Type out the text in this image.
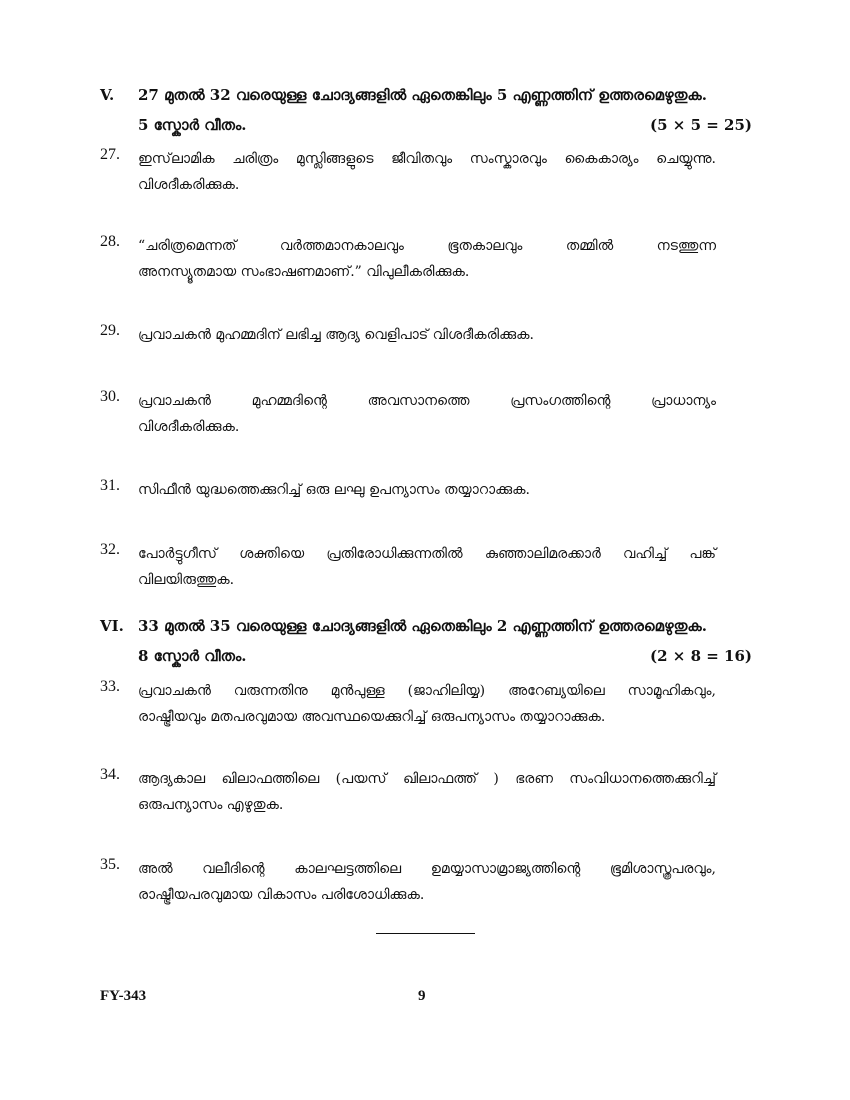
V. 27 മുതൽ 32 വരെയുള്ള ചോദ്യങ്ങളിൽ ഏതെങ്കിലും 5 എണ്ണത്തിന് ഉത്തരമെഴുതുക.
5 സ്കോർ വീതം.	(5 × 5 = 25)
27. ഇസ്‌ലാമിക ചരിത്രം മുസ്ലിങ്ങളുടെ ജീവിതവും സംസ്കാരവും കൈകാര്യം ചെയ്യുന്നു.
വിശദീകരിക്കുക.
28. “ചരിത്രമെന്നത് വർത്തമാനകാലവും ഭൂതകാലവും തമ്മിൽ നടത്തുന്ന
അനസ്യൂതമായ സംഭാഷണമാണ്.” വിപുലീകരിക്കുക.
29. പ്രവാചകൻ മുഹമ്മദിന് ലഭിച്ച ആദ്യ വെളിപാട് വിശദീകരിക്കുക.
30. പ്രവാചകൻ മുഹമ്മദിന്റെ അവസാനത്തെ പ്രസംഗത്തിന്റെ പ്രാധാന്യം
വിശദീകരിക്കുക.
31. സിഫീൻ യുദ്ധത്തെക്കുറിച്ച് ഒരു ലഘു ഉപന്യാസം തയ്യാറാക്കുക.
32. പോർട്ടുഗീസ് ശക്തിയെ പ്രതിരോധിക്കുന്നതിൽ കുഞ്ഞാലിമരക്കാർ വഹിച്ച് പങ്ക്
വിലയിരുത്തുക.
VI. 33 മുതൽ 35 വരെയുള്ള ചോദ്യങ്ങളിൽ ഏതെങ്കിലും 2 എണ്ണത്തിന് ഉത്തരമെഴുതുക.
8 സ്കോർ വീതം.	(2 × 8 = 16)
33. പ്രവാചകൻ വരുന്നതിനു മുൻപുള്ള (ജാഹിലിയ്യ) അറേബ്യയിലെ സാമൂഹികവും,
രാഷ്ട്രീയവും മതപരവുമായ അവസ്ഥയെക്കുറിച്ച് ഒരുപന്യാസം തയ്യാറാക്കുക.
34. ആദ്യകാല ഖിലാഫത്തിലെ (പയസ് ഖിലാഫത്ത് ) ഭരണ സംവിധാനത്തെക്കുറിച്ച്
ഒരുപന്യാസം എഴുതുക.
35. അൽ വലീദിന്റെ കാലഘട്ടത്തിലെ ഉമയ്യാസാമ്രാജ്യത്തിന്റെ ഭൂമിശാസ്ത്രപരവും,
രാഷ്ട്രീയപരവുമായ വികാസം പരിശോധിക്കുക.
FY-343	9
